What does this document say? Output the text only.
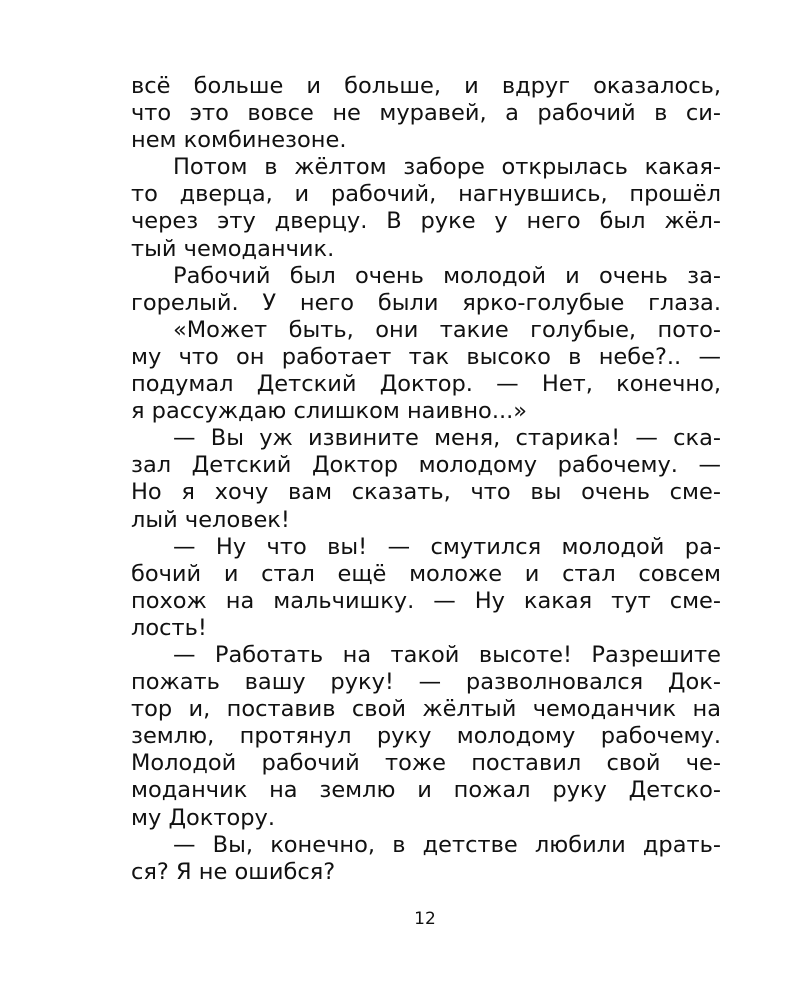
всё больше и больше, и вдруг оказалось,
что это вовсе не муравей, а рабочий в си-
нем комбинезоне.
Потом в жёлтом заборе открылась какая-
то дверца, и рабочий, нагнувшись, прошёл
через эту дверцу. В руке у него был жёл-
тый чемоданчик.
Рабочий был очень молодой и очень за-
горелый. У него были ярко-голубые глаза.
«Может быть, они такие голубые, пото-
му что он работает так высоко в небе?.. —
подумал Детский Доктор. — Нет, конечно,
я рассуждаю слишком наивно...»
— Вы уж извините меня, старика! — ска-
зал Детский Доктор молодому рабочему. —
Но я хочу вам сказать, что вы очень сме-
лый человек!
— Ну что вы! — смутился молодой ра-
бочий и стал ещё моложе и стал совсем
похож на мальчишку. — Ну какая тут сме-
лость!
— Работать на такой высоте! Разрешите
пожать вашу руку! — разволновался Док-
тор и, поставив свой жёлтый чемоданчик на
землю, протянул руку молодому рабочему.
Молодой рабочий тоже поставил свой че-
моданчик на землю и пожал руку Детско-
му Доктору.
— Вы, конечно, в детстве любили драть-
ся? Я не ошибся?
12
